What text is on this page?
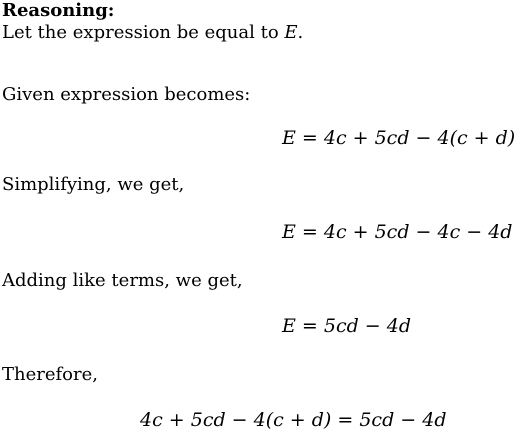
Reasoning:
Let the expression be equal to E.
Given expression becomes:
E = 4c + 5cd − 4(c + d)
Simplifying, we get,
E = 4c + 5cd − 4c − 4d
Adding like terms, we get,
E = 5cd − 4d
Therefore,
4c + 5cd − 4(c + d) = 5cd − 4d
